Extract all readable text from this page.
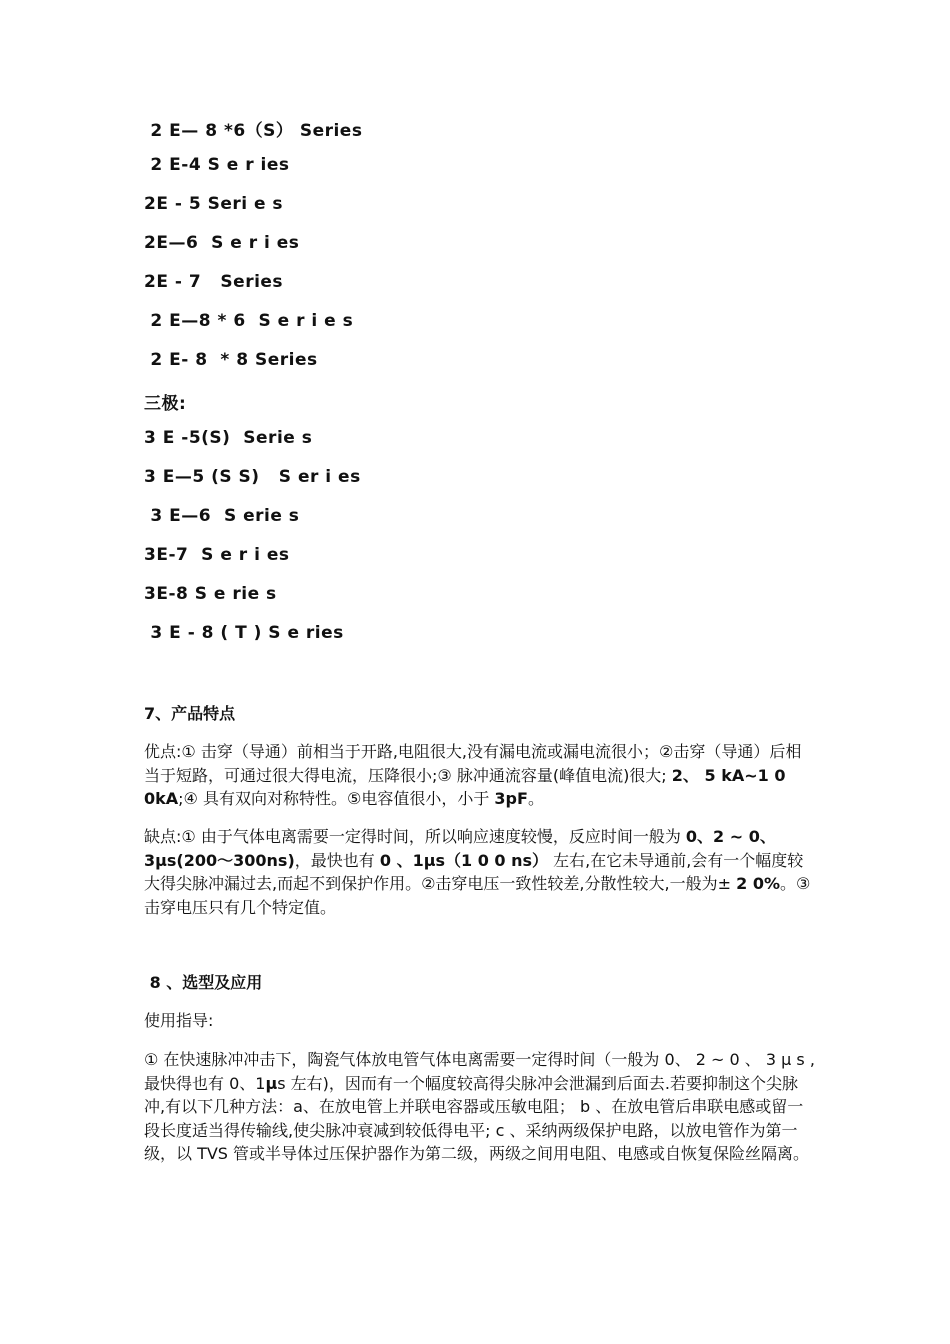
2 E— 8 *6（S） Series

2 E-4 S e r ies

2E - 5 Seri e s

2E—6  S e r i es

2E - 7   Series

2 E—8 * 6  S e r i e s

2 E- 8  * 8 Series

三极:

3 E -5(S)  Serie s

3 E—5 (S S)   S er i es

3 E—6  S erie s

3E-7  S e r i es

3E-8 S e rie s

3 E - 8 ( T ) S e ries

7、产品特点

优点:① 击穿（导通）前相当于开路,电阻很大,没有漏电流或漏电流很小；②击穿（导通）后相当于短路，可通过很大得电流，压降很小;③ 脉冲通流容量(峰值电流)很大; 2、 5 kA~1 0 0kA;④ 具有双向对称特性。⑤电容值很小，小于 3pF。

缺点:① 由于气体电离需要一定得时间，所以响应速度较慢，反应时间一般为 0、2 ~ 0、3μs(200～300ns)，最快也有 0 、1μs（1 0 0 ns） 左右,在它未导通前,会有一个幅度较大得尖脉冲漏过去,而起不到保护作用。②击穿电压一致性较差,分散性较大,一般为± 2 0%。③击穿电压只有几个特定值。

8 、选型及应用

使用指导:

① 在快速脉冲冲击下，陶瓷气体放电管气体电离需要一定得时间（一般为 0、 2 ~ 0 、 3 μ s ,最快得也有 0、1μs 左右)，因而有一个幅度较高得尖脉冲会泄漏到后面去.若要抑制这个尖脉冲,有以下几种方法：a、在放电管上并联电容器或压敏电阻； b 、在放电管后串联电感或留一段长度适当得传输线,使尖脉冲衰减到较低得电平; c 、采纳两级保护电路，以放电管作为第一级，以 TVS 管或半导体过压保护器作为第二级，两级之间用电阻、电感或自恢复保险丝隔离。
